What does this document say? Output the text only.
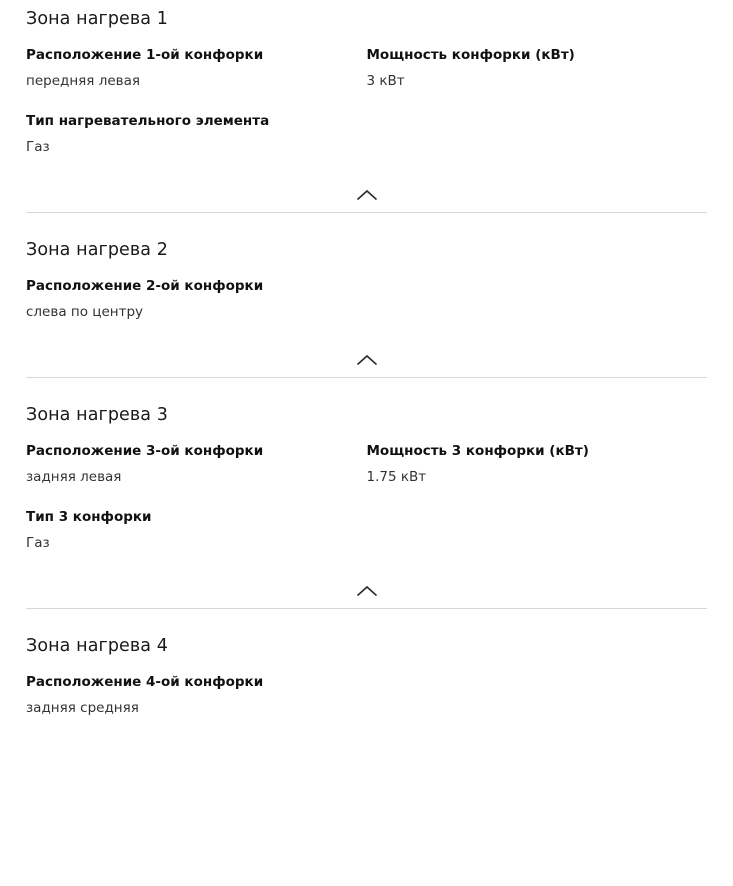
Зона нагрева 1
Расположение 1-ой конфорки
передняя левая
Мощность конфорки (кВт)
3 кВт
Тип нагревательного элемента
Газ
Зона нагрева 2
Расположение 2-ой конфорки
слева по центру
Зона нагрева 3
Расположение 3-ой конфорки
задняя левая
Мощность 3 конфорки (кВт)
1.75 кВт
Тип 3 конфорки
Газ
Зона нагрева 4
Расположение 4-ой конфорки
задняя средняя
